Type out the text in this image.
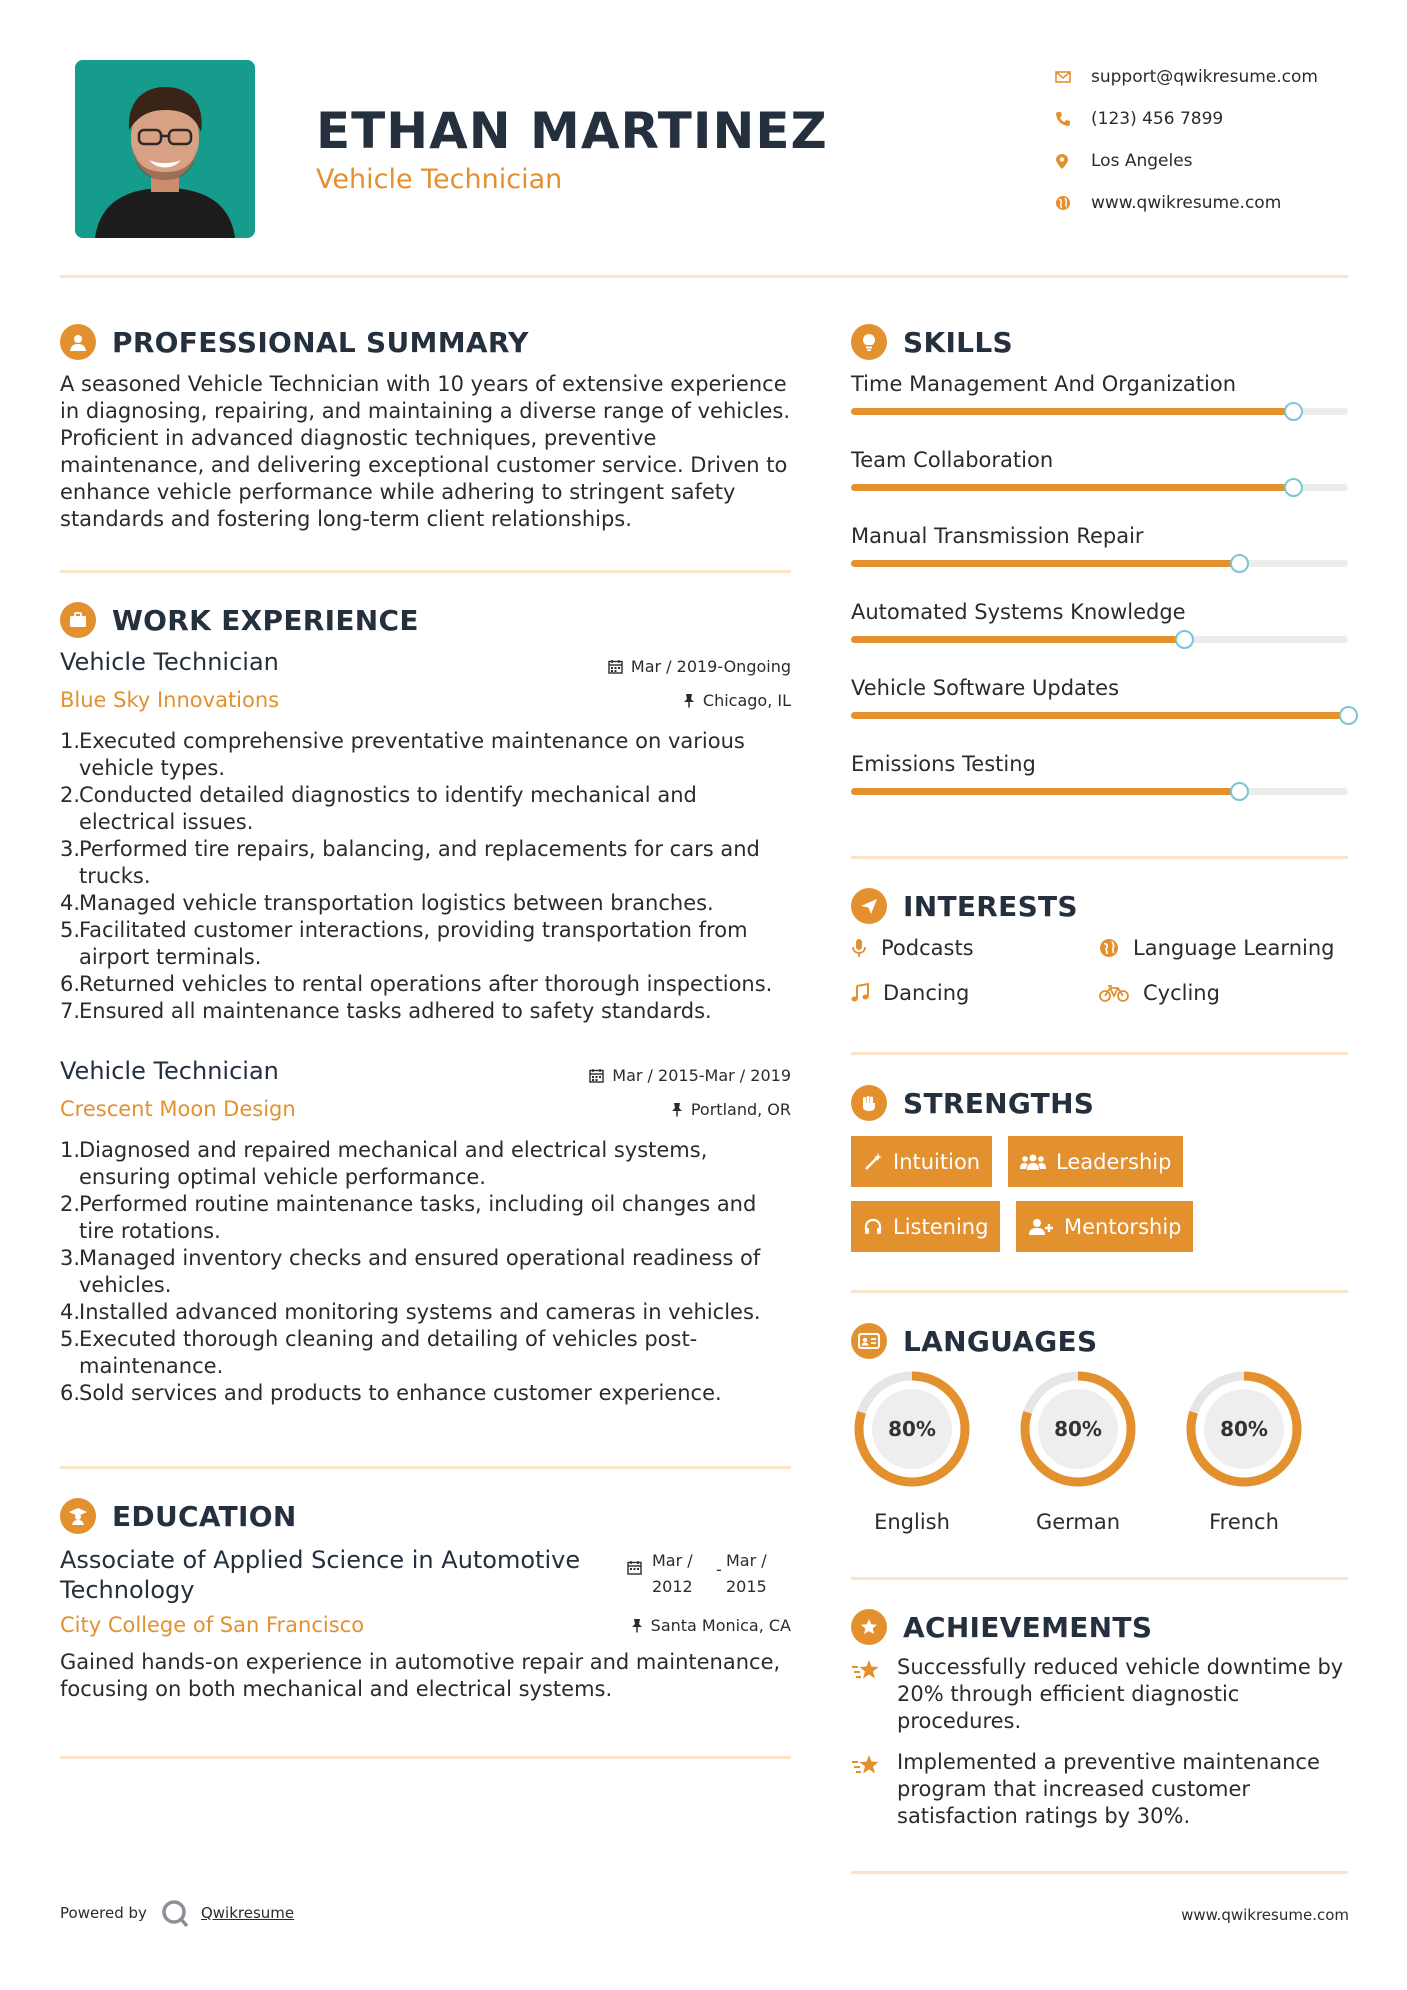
ETHAN MARTINEZ
Vehicle Technician
support@qwikresume.com
(123) 456 7899
Los Angeles
www.qwikresume.com
PROFESSIONAL SUMMARY
A seasoned Vehicle Technician with 10 years of extensive experience
in diagnosing, repairing, and maintaining a diverse range of vehicles.
Proficient in advanced diagnostic techniques, preventive
maintenance, and delivering exceptional customer service. Driven to
enhance vehicle performance while adhering to stringent safety
standards and fostering long-term client relationships.
WORK EXPERIENCE
Vehicle Technician	Mar / 2019-Ongoing
Blue Sky Innovations	Chicago, IL
1.
Executed comprehensive preventative maintenance on various
vehicle types.
2.
Conducted detailed diagnostics to identify mechanical and
electrical issues.
3.
Performed tire repairs, balancing, and replacements for cars and
trucks.
4.
Managed vehicle transportation logistics between branches.
5.
Facilitated customer interactions, providing transportation from
airport terminals.
6.
Returned vehicles to rental operations after thorough inspections.
7.
Ensured all maintenance tasks adhered to safety standards.
Vehicle Technician	Mar / 2015-Mar / 2019
Crescent Moon Design	Portland, OR
1.
Diagnosed and repaired mechanical and electrical systems,
ensuring optimal vehicle performance.
2.
Performed routine maintenance tasks, including oil changes and
tire rotations.
3.
Managed inventory checks and ensured operational readiness of
vehicles.
4.
Installed advanced monitoring systems and cameras in vehicles.
5.
Executed thorough cleaning and detailing of vehicles post-
maintenance.
6.
Sold services and products to enhance customer experience.
EDUCATION
Associate of Applied Science in Automotive
Technology
Mar /
2012
- Mar /
2015
City College of San Francisco	Santa Monica, CA
Gained hands-on experience in automotive repair and maintenance,
focusing on both mechanical and electrical systems.
SKILLS
Time Management And Organization
Team Collaboration
Manual Transmission Repair
Automated Systems Knowledge
Vehicle Software Updates
Emissions Testing
INTERESTS
Podcasts	Language Learning
Dancing	Cycling
STRENGTHS
Intuition	Leadership
Listening	Mentorship
LANGUAGES
80%
English
80%
German
80%
French
ACHIEVEMENTS
Successfully reduced vehicle downtime by
20% through efficient diagnostic
procedures.
Implemented a preventive maintenance
program that increased customer
satisfaction ratings by 30%.
Powered by	Qwikresume	www.qwikresume.com
